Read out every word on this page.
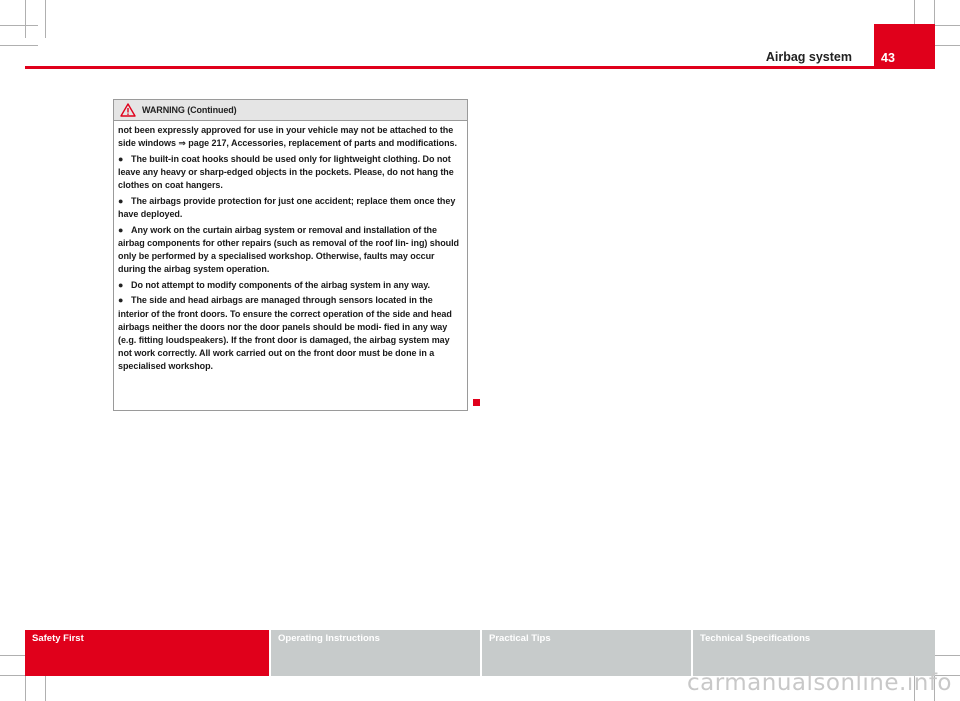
Airbag system 43
WARNING (Continued)

not been expressly approved for use in your vehicle may not be attached to the side windows ⇒ page 217, Accessories, replacement of parts and modifications.

● The built-in coat hooks should be used only for lightweight clothing. Do not leave any heavy or sharp-edged objects in the pockets. Please, do not hang the clothes on coat hangers.

● The airbags provide protection for just one accident; replace them once they have deployed.

● Any work on the curtain airbag system or removal and installation of the airbag components for other repairs (such as removal of the roof lin- ing) should only be performed by a specialised workshop. Otherwise, faults may occur during the airbag system operation.

● Do not attempt to modify components of the airbag system in any way.

● The side and head airbags are managed through sensors located in the interior of the front doors. To ensure the correct operation of the side and head airbags neither the doors nor the door panels should be modi- fied in any way (e.g. fitting loudspeakers). If the front door is damaged, the airbag system may not work correctly. All work carried out on the front door must be done in a specialised workshop.

Safety First	Operating Instructions	Practical Tips	Technical Specifications
carmanualsonline.info
